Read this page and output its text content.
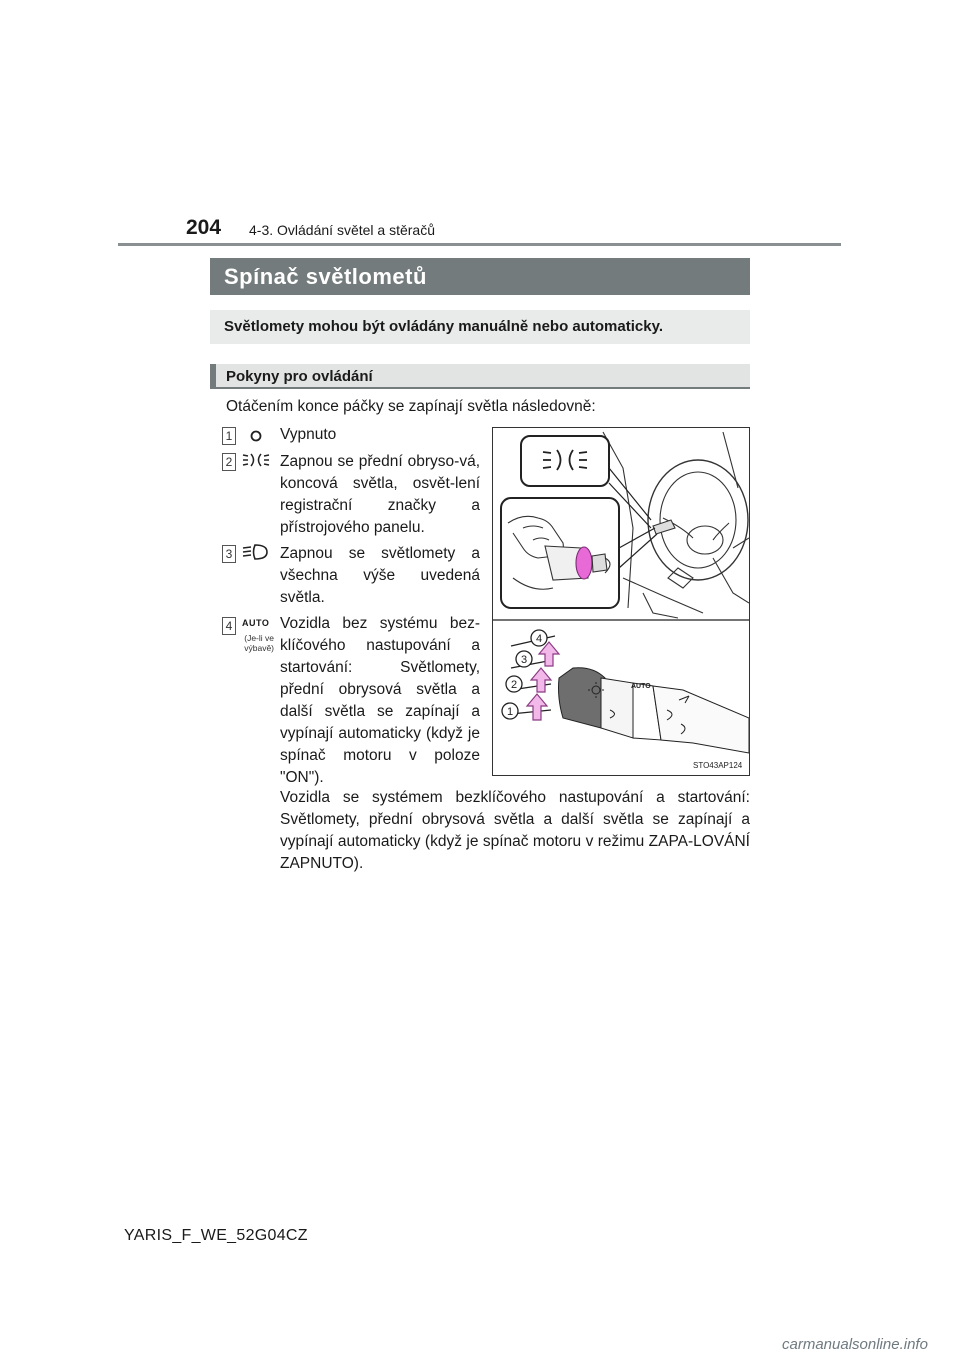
204 4-3. Ovládání světel a stěračů
Spínač světlometů
Světlomety mohou být ovládány manuálně nebo automaticky.
Pokyny pro ovládání
Otáčením konce páčky se zapínají světla následovně:
1	Vypnuto
2	Zapnou se přední obryso-vá, koncová světla, osvět-lení registrační značky a přístrojového panelu.
3	Zapnou se světlomety a všechna výše uvedená světla.
4	AUTO
(Je-li ve výbavě)
Vozidla bez systému bez-klíčového nastupování a startování: Světlomety, přední obrysová světla a další světla se zapínají a vypínají automaticky (když je spínač motoru v poloze "ON").
AUTO
1
2
3
4
STO43AP124
Vozidla se systémem bezklíčového nastupování a startování: Světlomety, přední obrysová světla a další světla se zapínají a vypínají automaticky (když je spínač motoru v režimu ZAPA-LOVÁNÍ ZAPNUTO).
YARIS_F_WE_52G04CZ
carmanualsonline.info
